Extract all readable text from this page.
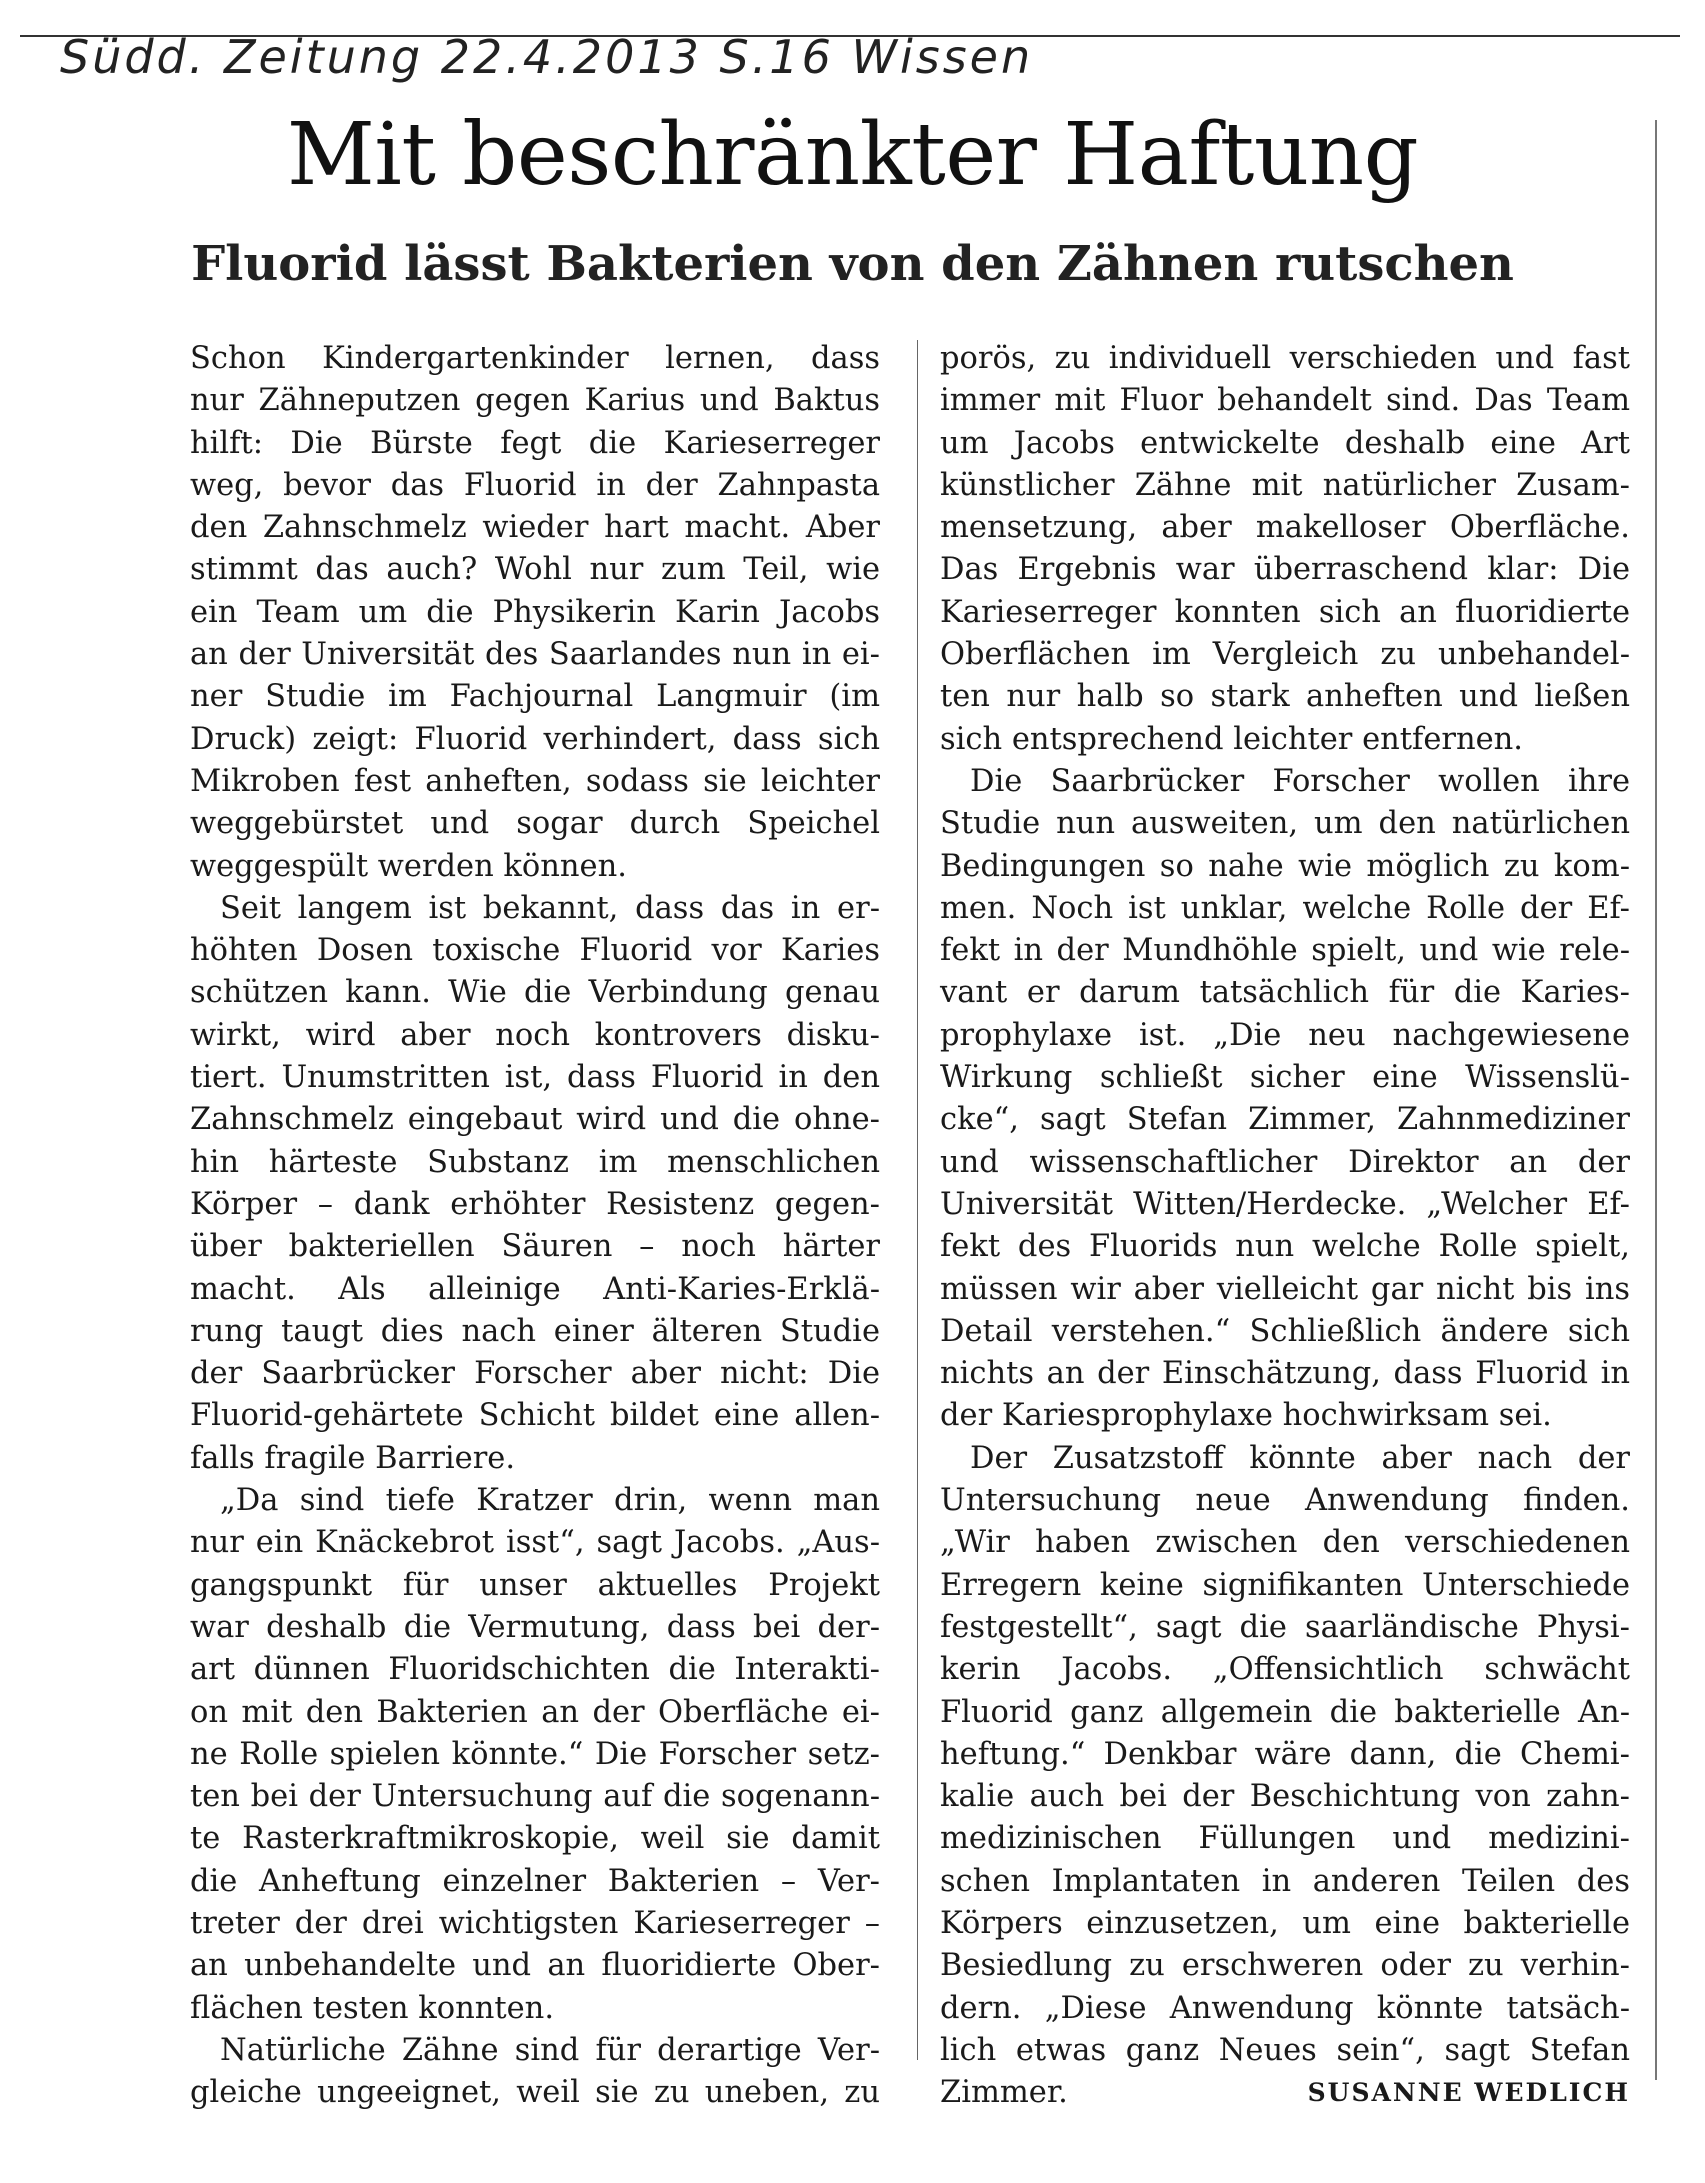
Südd. Zeitung 22.4.2013 S.16 Wissen
Mit beschränkter Haftung
Fluorid lässt Bakterien von den Zähnen rutschen
Schon Kindergartenkinder lernen, dass
nur Zähneputzen gegen Karius und Baktus
hilft: Die Bürste fegt die Karieserreger
weg, bevor das Fluorid in der Zahnpasta
den Zahnschmelz wieder hart macht. Aber
stimmt das auch? Wohl nur zum Teil, wie
ein Team um die Physikerin Karin Jacobs
an der Universität des Saarlandes nun in ei-
ner Studie im Fachjournal Langmuir (im
Druck) zeigt: Fluorid verhindert, dass sich
Mikroben fest anheften, sodass sie leichter
weggebürstet und sogar durch Speichel
weggespült werden können.
Seit langem ist bekannt, dass das in er-
höhten Dosen toxische Fluorid vor Karies
schützen kann. Wie die Verbindung genau
wirkt, wird aber noch kontrovers disku-
tiert. Unumstritten ist, dass Fluorid in den
Zahnschmelz eingebaut wird und die ohne-
hin härteste Substanz im menschlichen
Körper – dank erhöhter Resistenz gegen-
über bakteriellen Säuren – noch härter
macht. Als alleinige Anti-Karies-Erklä-
rung taugt dies nach einer älteren Studie
der Saarbrücker Forscher aber nicht: Die
Fluorid-gehärtete Schicht bildet eine allen-
falls fragile Barriere.
„Da sind tiefe Kratzer drin, wenn man
nur ein Knäckebrot isst“, sagt Jacobs. „Aus-
gangspunkt für unser aktuelles Projekt
war deshalb die Vermutung, dass bei der-
art dünnen Fluoridschichten die Interakti-
on mit den Bakterien an der Oberfläche ei-
ne Rolle spielen könnte.“ Die Forscher setz-
ten bei der Untersuchung auf die sogenann-
te Rasterkraftmikroskopie, weil sie damit
die Anheftung einzelner Bakterien – Ver-
treter der drei wichtigsten Karieserreger –
an unbehandelte und an fluoridierte Ober-
flächen testen konnten.
Natürliche Zähne sind für derartige Ver-
gleiche ungeeignet, weil sie zu uneben, zu
porös, zu individuell verschieden und fast
immer mit Fluor behandelt sind. Das Team
um Jacobs entwickelte deshalb eine Art
künstlicher Zähne mit natürlicher Zusam-
mensetzung, aber makelloser Oberfläche.
Das Ergebnis war überraschend klar: Die
Karieserreger konnten sich an fluoridierte
Oberflächen im Vergleich zu unbehandel-
ten nur halb so stark anheften und ließen
sich entsprechend leichter entfernen.
Die Saarbrücker Forscher wollen ihre
Studie nun ausweiten, um den natürlichen
Bedingungen so nahe wie möglich zu kom-
men. Noch ist unklar, welche Rolle der Ef-
fekt in der Mundhöhle spielt, und wie rele-
vant er darum tatsächlich für die Karies-
prophylaxe ist. „Die neu nachgewiesene
Wirkung schließt sicher eine Wissenslü-
cke“, sagt Stefan Zimmer, Zahnmediziner
und wissenschaftlicher Direktor an der
Universität Witten/Herdecke. „Welcher Ef-
fekt des Fluorids nun welche Rolle spielt,
müssen wir aber vielleicht gar nicht bis ins
Detail verstehen.“ Schließlich ändere sich
nichts an der Einschätzung, dass Fluorid in
der Kariesprophylaxe hochwirksam sei.
Der Zusatzstoff könnte aber nach der
Untersuchung neue Anwendung finden.
„Wir haben zwischen den verschiedenen
Erregern keine signifikanten Unterschiede
festgestellt“, sagt die saarländische Physi-
kerin Jacobs. „Offensichtlich schwächt
Fluorid ganz allgemein die bakterielle An-
heftung.“ Denkbar wäre dann, die Chemi-
kalie auch bei der Beschichtung von zahn-
medizinischen Füllungen und medizini-
schen Implantaten in anderen Teilen des
Körpers einzusetzen, um eine bakterielle
Besiedlung zu erschweren oder zu verhin-
dern. „Diese Anwendung könnte tatsäch-
lich etwas ganz Neues sein“, sagt Stefan
Zimmer.	SUSANNE WEDLICH
